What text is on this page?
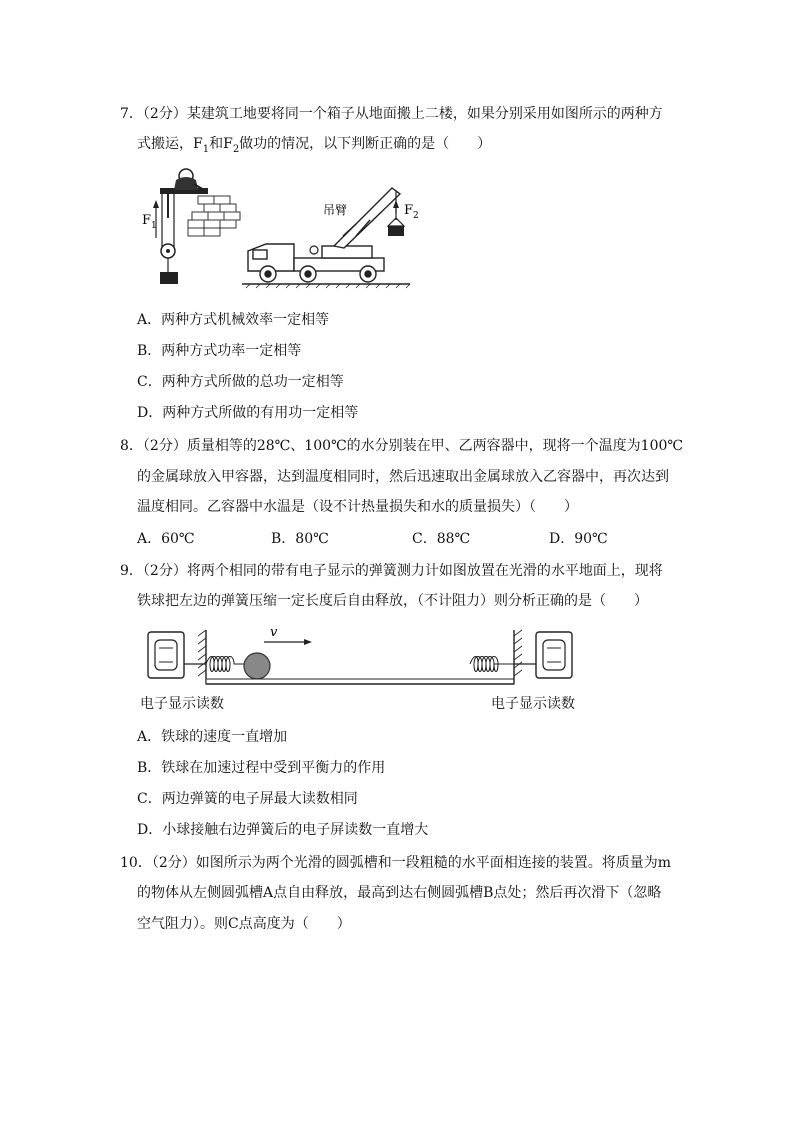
7．（2分）某建筑工地要将同一个箱子从地面搬上二楼，如果分别采用如图所示的两种方
式搬运，$F_1$和$F_2$做功的情况，以下判断正确的是（　　）
$F_1$
吊臂	$F_2$
A．两种方式机械效率一定相等
B．两种方式功率一定相等
C．两种方式所做的总功一定相等
D．两种方式所做的有用功一定相等
8．（2分）质量相等的28℃、100℃的水分别装在甲、乙两容器中，现将一个温度为100℃
的金属球放入甲容器，达到温度相同时，然后迅速取出金属球放入乙容器中，再次达到
温度相同。乙容器中水温是（设不计热量损失和水的质量损失）（　　）
A．60℃	B．80℃	C．88℃	D．90℃
9．（2分）将两个相同的带有电子显示的弹簧测力计如图放置在光滑的水平地面上，现将
铁球把左边的弹簧压缩一定长度后自由释放，（不计阻力）则分析正确的是（　　）
v
电子显示读数	电子显示读数
A．铁球的速度一直增加
B．铁球在加速过程中受到平衡力的作用
C．两边弹簧的电子屏最大读数相同
D．小球接触右边弹簧后的电子屏读数一直增大
10．（2分）如图所示为两个光滑的圆弧槽和一段粗糙的水平面相连接的装置。将质量为m
的物体从左侧圆弧槽A点自由释放，最高到达右侧圆弧槽B点处；然后再次滑下（忽略
空气阻力）。则C点高度为（　　）
